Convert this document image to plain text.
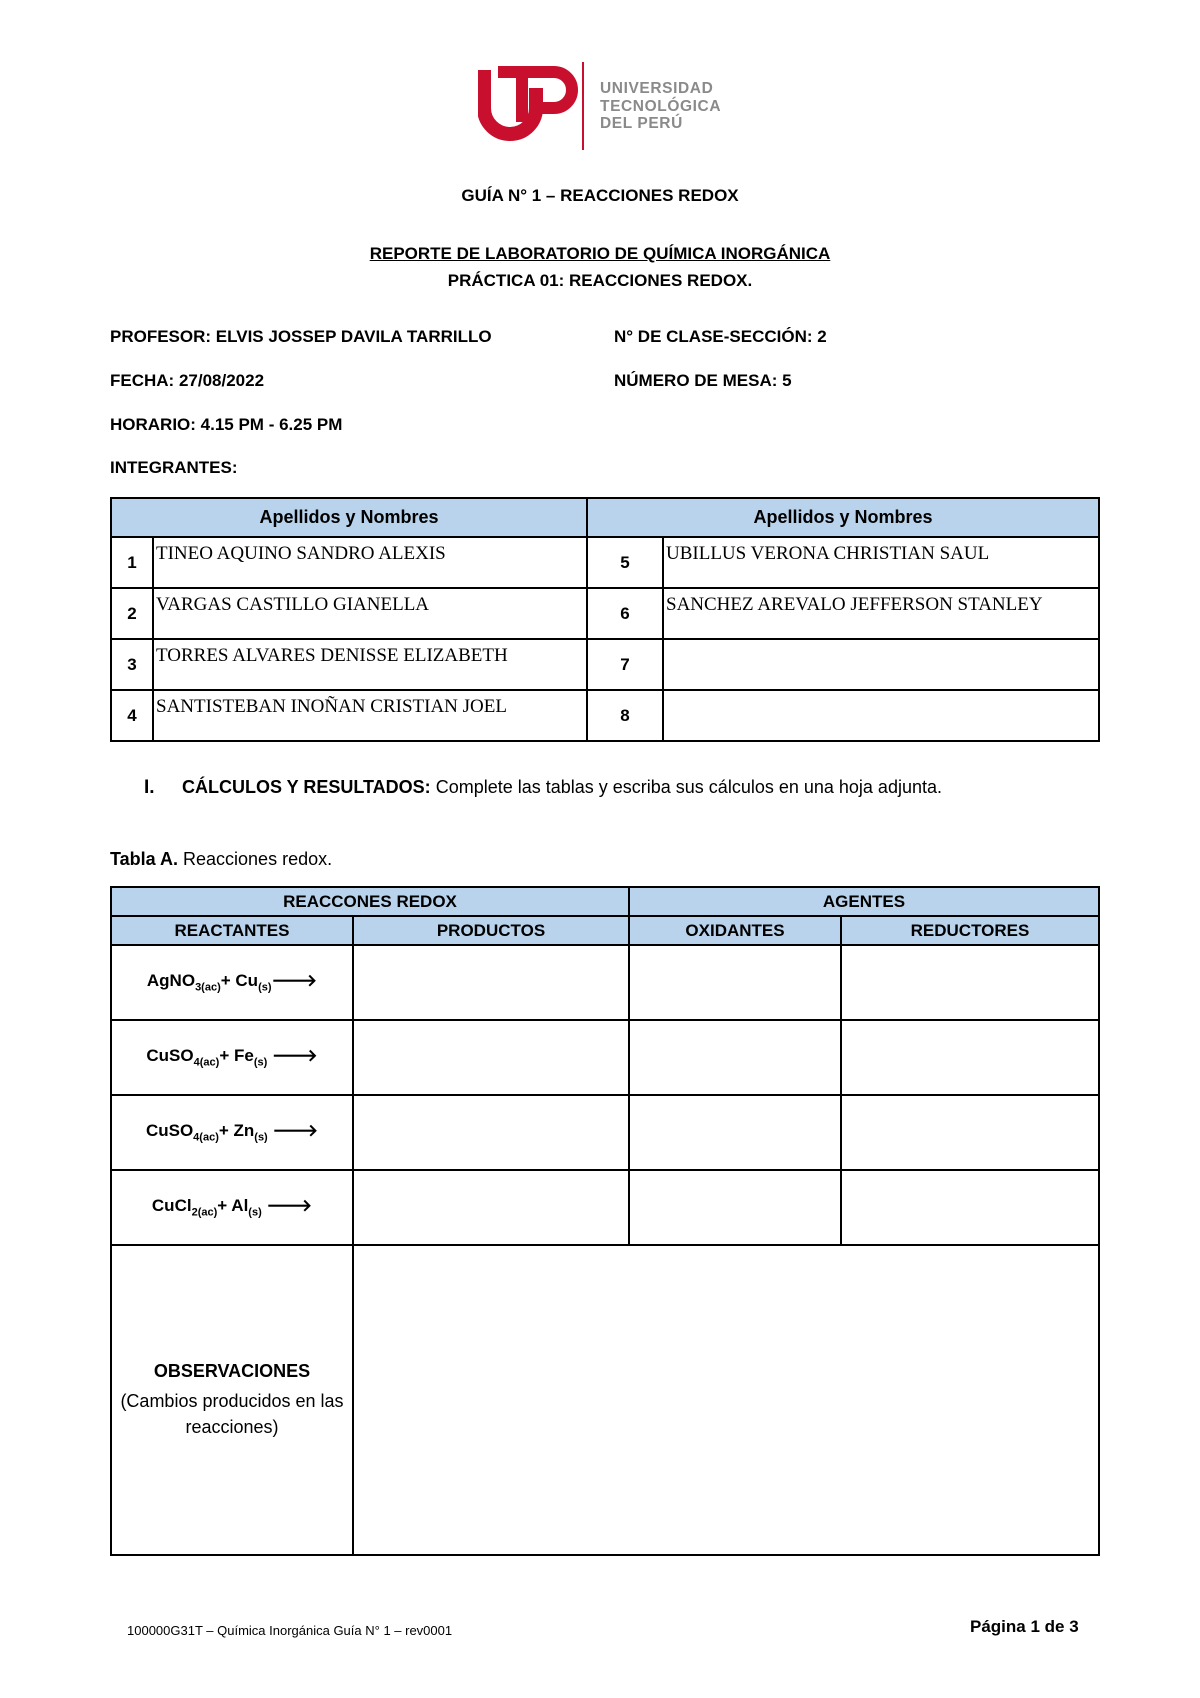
UNIVERSIDAD
TECNOLÓGICA
DEL PERÚ
GUÍA N° 1 – REACCIONES REDOX
REPORTE DE LABORATORIO DE QUÍMICA INORGÁNICA
PRÁCTICA 01: REACCIONES REDOX.
PROFESOR: ELVIS JOSSEP DAVILA TARRILLO	N° DE CLASE-SECCIÓN: 2
FECHA: 27/08/2022	NÚMERO DE MESA: 5
HORARIO: 4.15 PM - 6.25 PM
INTEGRANTES:
Apellidos y Nombres		Apellidos y Nombres	
1	TINEO AQUINO SANDRO ALEXIS	5	UBILLUS VERONA CHRISTIAN SAUL
2	VARGAS CASTILLO GIANELLA	6	SANCHEZ AREVALO JEFFERSON STANLEY
3	TORRES ALVARES DENISSE ELIZABETH	7	
4	SANTISTEBAN INOÑAN CRISTIAN JOEL	8	
I. CÁLCULOS Y RESULTADOS: Complete las tablas y escriba sus cálculos en una hoja adjunta.
Tabla A. Reacciones redox.
REACCONES REDOX		AGENTES	
REACTANTES	PRODUCTOS	OXIDANTES	REDUCTORES
AgNO$_{3(ac)}$+ $Cu_{(s)}🡒$			
CuSO$_{4(ac)}$+ $Fe_{(s)}$ 🡒			
CuSO$_{4(ac)}$+ $Zn_{(s)}$ 🡒			
CuCl$_{2(ac)}$+ $Al_{(s)}$ 🡒			

OBSERVACIONES
(Cambios producidos en las reacciones)			

100000G31T – Química Inorgánica Guía N° 1 – rev0001	Página 1 de 3
